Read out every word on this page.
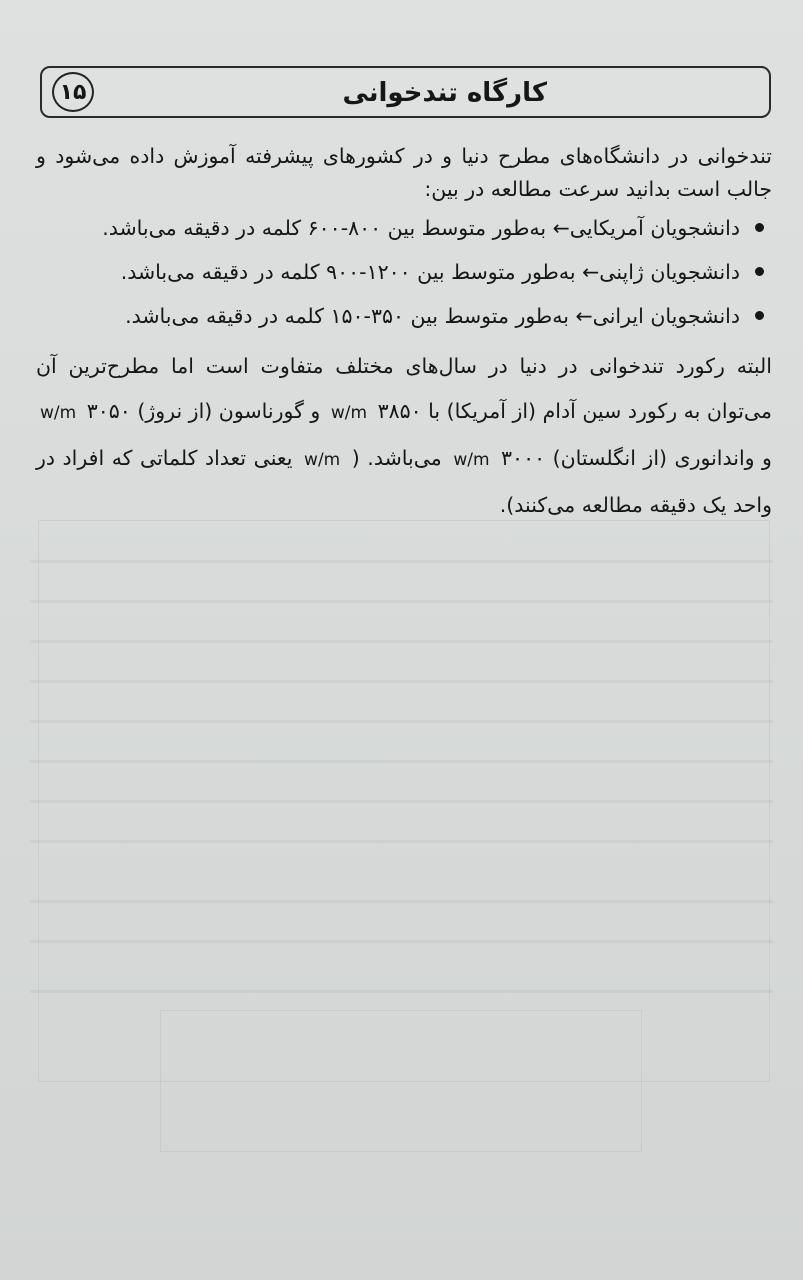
۱۵	کارگاه تندخوانی

تندخوانی در دانشگاه‌های مطرح دنیا و در کشورهای پیشرفته آموزش داده می‌شود و جالب است بدانید سرعت مطالعه در بین:

دانشجویان آمریکایی← به‌طور متوسط بین ۸۰۰-۶۰۰ کلمه در دقیقه می‌باشد.
دانشجویان ژاپنی← به‌طور متوسط بین ۱۲۰۰-۹۰۰ کلمه در دقیقه می‌باشد.
دانشجویان ایرانی← به‌طور متوسط بین ۳۵۰-۱۵۰ کلمه در دقیقه می‌باشد.

البته رکورد تندخوانی در دنیا در سال‌های مختلف متفاوت است اما مطرح‌ترین آن می‌توان به رکورد سین آدام (از آمریکا) با ۳۸۵۰ w/m و گورناسون (از نروژ) ۳۰۵۰ w/m و واندانوری (از انگلستان) ۳۰۰۰ w/m می‌باشد. ( w/m یعنی تعداد کلماتی که افراد در واحد یک دقیقه مطالعه می‌کنند).
